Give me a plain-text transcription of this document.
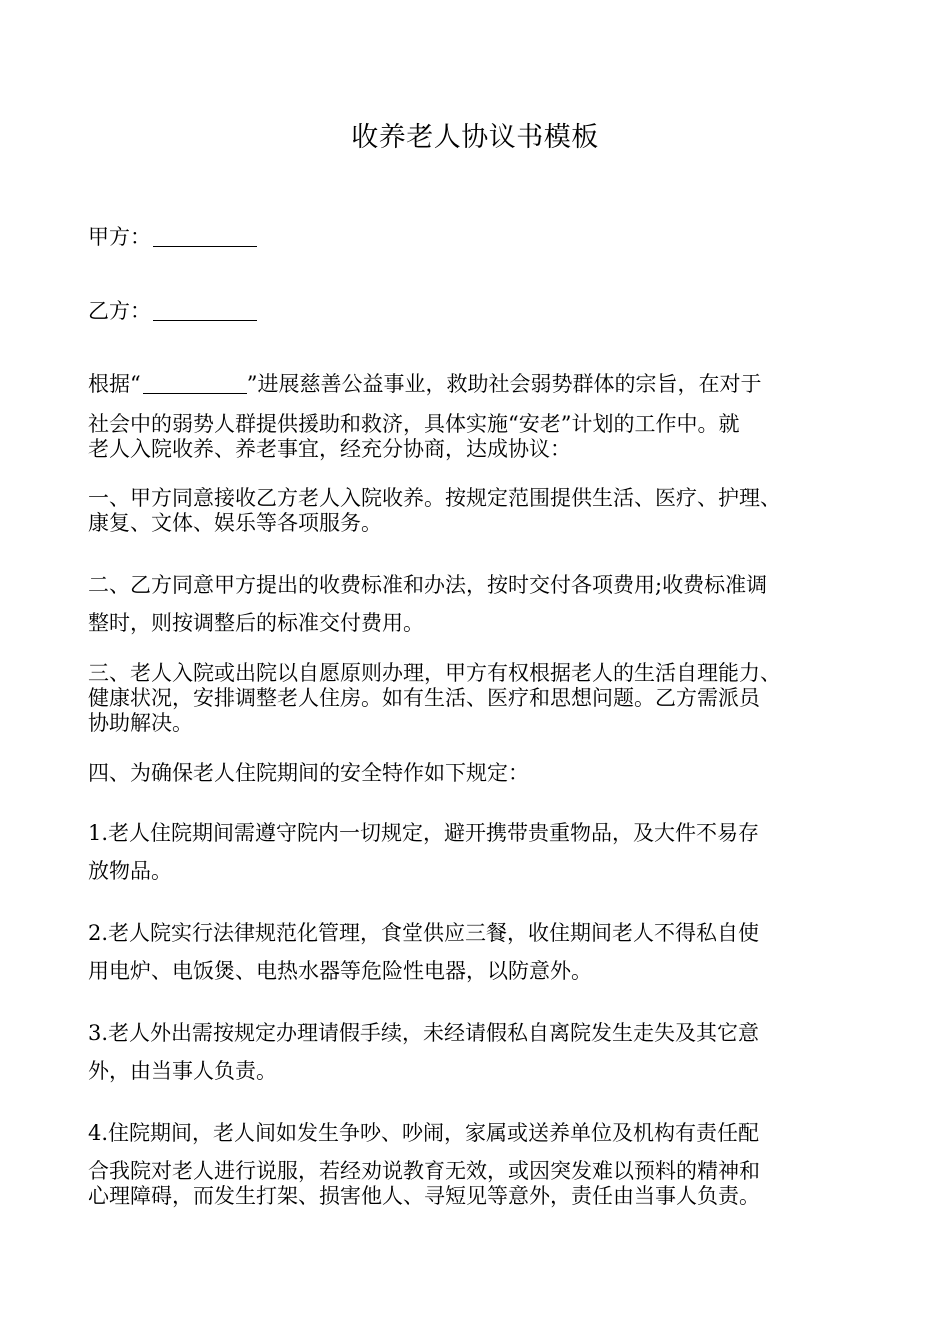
收养老人协议书模板
甲方：
乙方：
根据“	”进展慈善公益事业，救助社会弱势群体的宗旨，在对于
社会中的弱势人群提供援助和救济，具体实施“安老”计划的工作中。就
老人入院收养、养老事宜，经充分协商，达成协议：
一、甲方同意接收乙方老人入院收养。按规定范围提供生活、医疗、护理、
康复、文体、娱乐等各项服务。
二、乙方同意甲方提出的收费标准和办法，按时交付各项费用;收费标准调
整时，则按调整后的标准交付费用。
三、老人入院或出院以自愿原则办理，甲方有权根据老人的生活自理能力、
健康状况，安排调整老人住房。如有生活、医疗和思想问题。乙方需派员
协助解决。
四、为确保老人住院期间的安全特作如下规定：
1.老人住院期间需遵守院内一切规定，避开携带贵重物品，及大件不易存
放物品。
2.老人院实行法律规范化管理，食堂供应三餐，收住期间老人不得私自使
用电炉、电饭煲、电热水器等危险性电器，以防意外。
3.老人外出需按规定办理请假手续，未经请假私自离院发生走失及其它意
外，由当事人负责。
4.住院期间，老人间如发生争吵、吵闹，家属或送养单位及机构有责任配
合我院对老人进行说服，若经劝说教育无效，或因突发难以预料的精神和
心理障碍，而发生打架、损害他人、寻短见等意外，责任由当事人负责。
